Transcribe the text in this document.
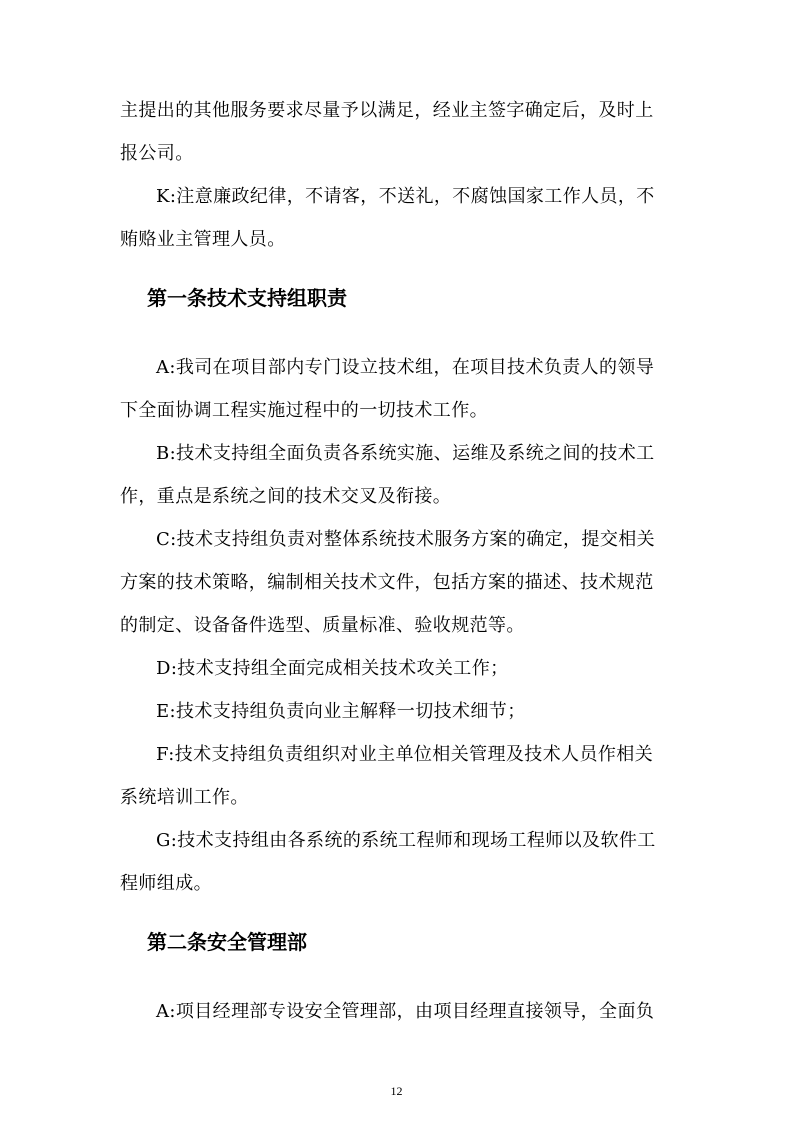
主提出的其他服务要求尽量予以满足，经业主签字确定后，及时上
报公司。
K:注意廉政纪律，不请客，不送礼，不腐蚀国家工作人员，不
贿赂业主管理人员。
第一条技术支持组职责
A:我司在项目部内专门设立技术组，在项目技术负责人的领导
下全面协调工程实施过程中的一切技术工作。
B:技术支持组全面负责各系统实施、运维及系统之间的技术工
作，重点是系统之间的技术交叉及衔接。
C:技术支持组负责对整体系统技术服务方案的确定，提交相关
方案的技术策略，编制相关技术文件，包括方案的描述、技术规范
的制定、设备备件选型、质量标准、验收规范等。
D:技术支持组全面完成相关技术攻关工作；
E:技术支持组负责向业主解释一切技术细节；
F:技术支持组负责组织对业主单位相关管理及技术人员作相关
系统培训工作。
G:技术支持组由各系统的系统工程师和现场工程师以及软件工
程师组成。
第二条安全管理部
A:项目经理部专设安全管理部，由项目经理直接领导，全面负
12
